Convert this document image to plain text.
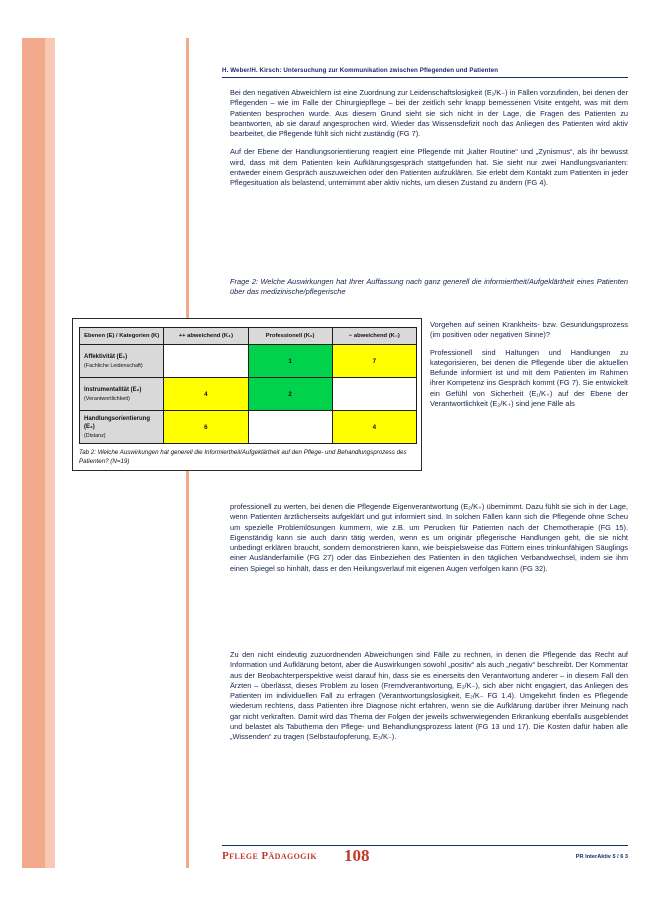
H. Weber/H. Kirsch: Untersuchung zur Kommunikation zwischen Pflegenden und Patienten

Bei den negativen Abweichlern ist eine Zuordnung zur Leidenschaftslosigkeit (E₁/K₋) in Fällen vorzufinden, bei denen der Pflegenden – wie im Falle der Chirurgiepflege – bei der zeitlich sehr knapp bemessenen Visite entgeht, was mit dem Patienten besprochen wurde. Aus diesem Grund sieht sie sich nicht in der Lage, die Fragen des Patienten zu beantworten, ab sie darauf angesprochen wird. Wieder das Wissensdefizit noch das Anliegen des Patienten wird aktiv bearbeitet, die Pflegende fühlt sich nicht zuständig (FG 7).

Auf der Ebene der Handlungsorientierung reagiert eine Pflegende mit „kalter Routine“ und „Zynismus“, als ihr bewusst wird, dass mit dem Patienten kein Aufklärungsgespräch stattgefunden hat. Sie sieht nur zwei Handlungsvarianten: entweder einem Gespräch auszuweichen oder den Patienten aufzuklären. Sie erlebt dem Kontakt zum Patienten in jeder Pflegesituation als belastend, unternimmt aber aktiv nichts, um diesen Zustand zu ändern (FG 4).

Frage 2: Welche Auswirkungen hat Ihrer Auffassung nach ganz generell die informiertheit/Aufgeklärtheit eines Patienten über das medizinische/pflegerische

Vorgehen auf seinen Krankheits- bzw. Gesundungsprozess (im positiven oder negativen Sinne)?

Professionell sind Haltungen und Handlungen zu kategorisieren, bei denen die Pflegende über die aktuellen Befunde informiert ist und mit dem Patienten im Rahmen ihrer Kompetenz ins Gespräch kommt (FG 7). Sie entwickelt ein Gefühl von Sicherheit (E₁/K₊) auf der Ebene der Verantwortlichkeit (E₂/K₊) sind jene Fälle als

Ebenen (E) / Kategorien (K)	++ abweichend (K₊)	Professionell (K₀)	− abweichend (K₋)
Affektivität (E₁)
(Fachliche Leidenschaft)		1	7
Instrumentalität (E₂)
(Verantwortlichkeit)	4	2	
Handlungsorientierung (E₃)
(Distanz)	6		4
Tab 2: Welche Auswirkungen hat generell die Informiertheil/Aufgeklärtheit auf den Pflege- und Behandlungsprozess des Patienten? (N=19)

professionell zu werten, bei denen die Pflegende Eigenverantwortung (E₂/K₊) übernimmt. Dazu fühlt sie sich in der Lage, wenn Patienten ärztlicherseits aufgeklärt und gut informiert sind. In solchen Fällen kann sich die Pflegende ohne Scheu um spezielle Problemlösungen kummern, wie z.B. um Perucken für Patienten nach der Chemotherapie (FG 15). Eigenständig kann sie auch dann tätig werden, wenn es um originär pflegerische Handlungen geht, die sie nicht unbedingt erklären braucht, sondern demonstrieren kann, wie beispielsweise das Füttern eines trinkunfähigen Säuglings einer Ausländerfamilie (FG 27) oder das Einbeziehen des Patienten in den täglichen Verbandwechsel, indem sie ihm einen Spiegel so hinhält, dass er den Heilungsverlauf mit eigenen Augen verfolgen kann (FG 32).

Zu den nicht eindeutig zuzuordnenden Abweichungen sind Fälle zu rechnen, in denen die Pflegende das Recht auf Information und Aufklärung betont, aber die Auswirkungen sowohl „positiv“ als auch „negativ“ beschreibt. Der Kommentar aus der Beobachterperspektive weist darauf hin, dass sie es einerseits den Verantwortung anderer – in diesem Fall den Ärzten – überlässt, dieses Problem zu losen (Fremdverantwortung, E₂/K₋), sich aber nicht engagiert, das Anliegen des Patienten im individuellen Fall zu erfragen (Verantwortungslosigkeit, E₂/K₋ FG 1.4). Umgekehrt finden es Pflegende wiederum rechtens, dass Patienten ihre Diagnose nicht erfahren, wenn sie die Aufklärung darüber ihrer Meinung nach gar nicht verkraften. Damit wird das Thema der Folgen der jeweils schwerwiegenden Erkrankung ebenfalls ausgeblendet und belastet als Tabuthema den Pflege- und Behandlungsprozess latent (FG 13 und 17). Die Kosten dafür haben alle „Wissenden“ zu tragen (Selbstaufopferung, E₃/K₋).

Pflege Pädagogik 108	PR InterAktiv 5 / 6 3
